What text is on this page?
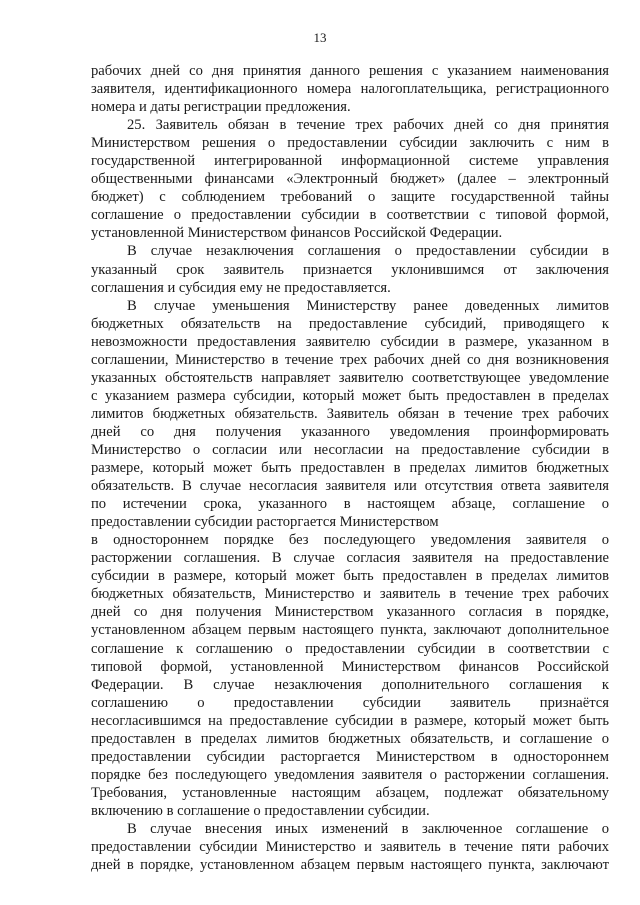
13
рабочих дней со дня принятия данного решения с указанием наименования
заявителя, идентификационного номера налогоплательщика, регистрационного
номера и даты регистрации предложения.
25. Заявитель обязан в течение трех рабочих дней со дня принятия
Министерством решения о предоставлении субсидии заключить с ним в
государственной интегрированной информационной системе управления
общественными финансами «Электронный бюджет» (далее – электронный
бюджет) с соблюдением требований о защите государственной тайны
соглашение о предоставлении субсидии в соответствии с типовой формой,
установленной Министерством финансов Российской Федерации.
В случае незаключения соглашения о предоставлении субсидии в
указанный срок заявитель признается уклонившимся от заключения
соглашения и субсидия ему не предоставляется.
В случае уменьшения Министерству ранее доведенных лимитов
бюджетных обязательств на предоставление субсидий, приводящего к
невозможности предоставления заявителю субсидии в размере, указанном в
соглашении, Министерство в течение трех рабочих дней со дня возникновения
указанных обстоятельств направляет заявителю соответствующее уведомление
с указанием размера субсидии, который может быть предоставлен в пределах
лимитов бюджетных обязательств. Заявитель обязан в течение трех рабочих
дней со дня получения указанного уведомления проинформировать
Министерство о согласии или несогласии на предоставление субсидии в
размере, который может быть предоставлен в пределах лимитов бюджетных
обязательств. В случае несогласия заявителя или отсутствия ответа заявителя
по истечении срока, указанного в настоящем абзаце, соглашение о
предоставлении субсидии расторгается Министерством
в одностороннем порядке без последующего уведомления заявителя о
расторжении соглашения. В случае согласия заявителя на предоставление
субсидии в размере, который может быть предоставлен в пределах лимитов
бюджетных обязательств, Министерство и заявитель в течение трех рабочих
дней со дня получения Министерством указанного согласия в порядке,
установленном абзацем первым настоящего пункта, заключают дополнительное
соглашение к соглашению о предоставлении субсидии в соответствии с
типовой формой, установленной Министерством финансов Российской
Федерации. В случае незаключения дополнительного соглашения к
соглашению о предоставлении субсидии заявитель признаётся
несогласившимся на предоставление субсидии в размере, который может быть
предоставлен в пределах лимитов бюджетных обязательств, и соглашение о
предоставлении субсидии расторгается Министерством в одностороннем
порядке без последующего уведомления заявителя о расторжении соглашения.
Требования, установленные настоящим абзацем, подлежат обязательному
включению в соглашение о предоставлении субсидии.
В случае внесения иных изменений в заключенное соглашение о
предоставлении субсидии Министерство и заявитель в течение пяти рабочих
дней в порядке, установленном абзацем первым настоящего пункта, заключают
